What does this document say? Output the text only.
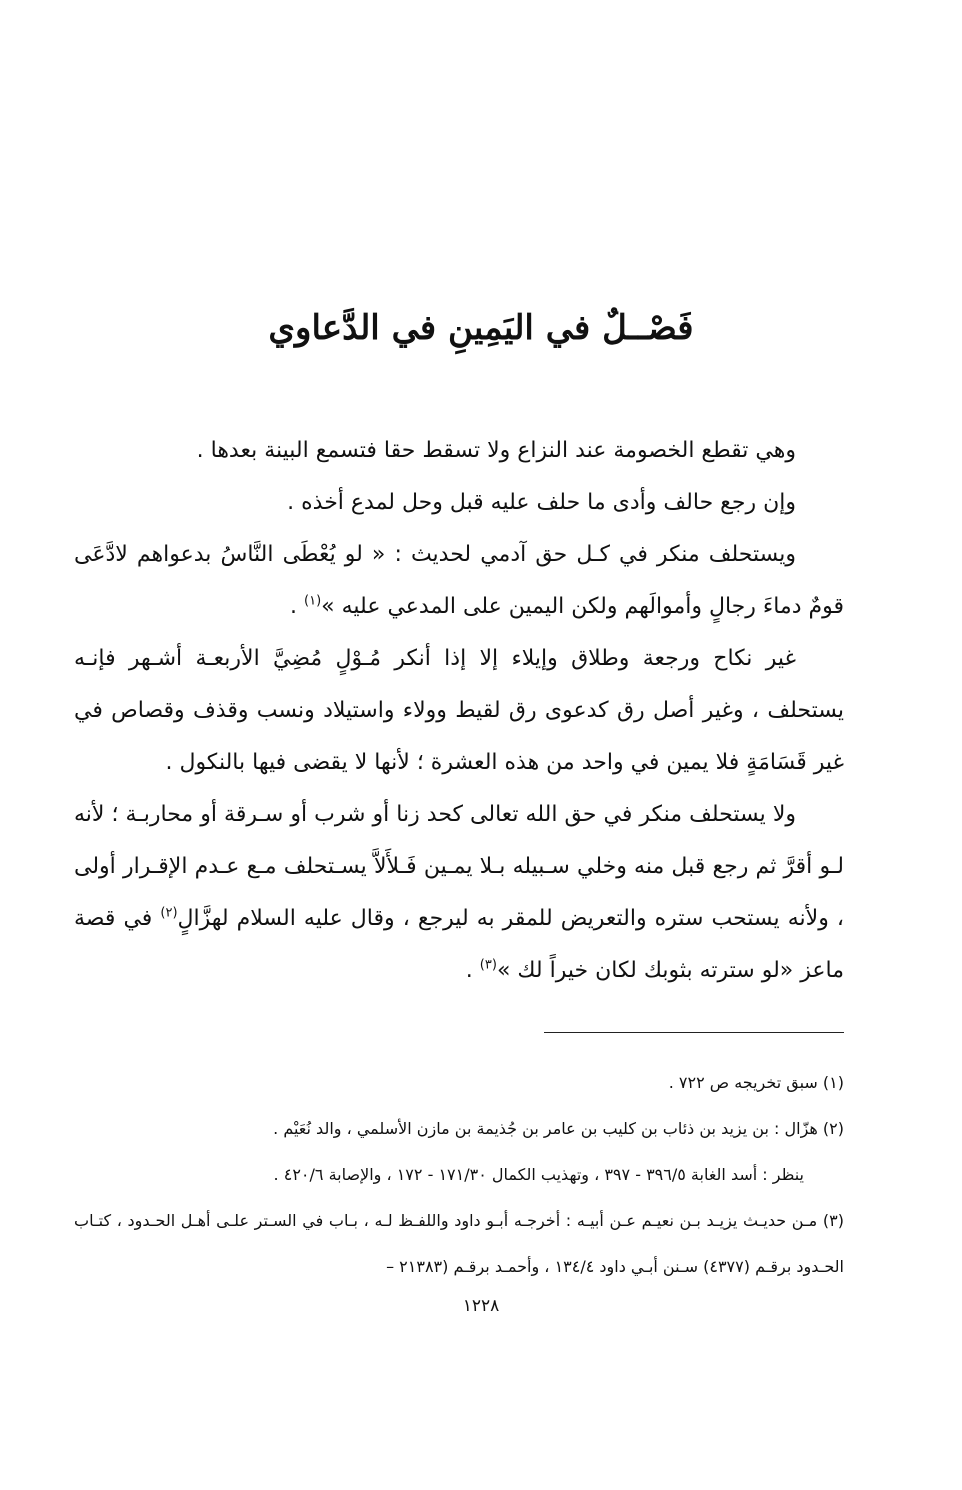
فَصْــلٌ في اليَمِينِ في الدَّعاوي

وهي تقطع الخصومة عند النزاع ولا تسقط حقا فتسمع البينة بعدها .

وإن رجع حالف وأدى ما حلف عليه قبل وحل لمدع أخذه .

ويستحلف منكر في كـل حق آدمي لحديث : « لو يُعْطَى النَّاسُ بدعواهم لادَّعَى قومٌ دماءَ رجالٍ وأموالَهم ولكن اليمين على المدعي عليه »$^{(١)}$ .

غير نكاح ورجعة وطلاق وإيلاء إلا إذا أنكر مُـوْلٍ مُضِيَّ الأربعـة أشـهر فإنـه يستحلف ، وغير أصل رق كدعوى رق لقيط وولاء واستيلاد ونسب وقذف وقصاص في غير قَسَامَةٍ فلا يمين في واحد من هذه العشرة ؛ لأنها لا يقضى فيها بالنكول .

ولا يستحلف منكر في حق الله تعالى كحد زنا أو شرب أو سـرقة أو محاربـة ؛ لأنه لـو أقرَّ ثم رجع قبل منه وخلي سـبيله بـلا يمـين فَـلأَلاَّ يسـتحلف مـع عـدم الإقـرار أولى ، ولأنه يستحب ستره والتعريض للمقر به ليرجع ، وقال عليه السلام لهزَّالٍ$^{(٢)}$ في قصة ماعز «لو سترته بثوبك لكان خيراً لك »$^{(٣)}$ .

(١) سبق تخريجه ص ٧٢٢ .

(٢) هزّال : بن يزيد بن ذئاب بن كليب بن عامر بن جُذيمة بن مازن الأسلمي ، والد نُعَيْم .

ينظر : أسد الغابة ٣٩٦/٥ - ٣٩٧ ، وتهذيب الكمال ١٧١/٣٠ - ١٧٢ ، والإصابة ٤٢٠/٦ .

(٣) مـن حديـث يزيـد بـن نعيـم عـن أبيـه : أخرجـه أبـو داود واللفـظ لـه ، بـاب في السـتر علـى أهـل الحـدود ، كتـاب الحـدود برقـم (٤٣٧٧) سـنن أبـي داود ١٣٤/٤ ، وأحمـد برقـم (٢١٣٨٣ –

١٢٢٨
